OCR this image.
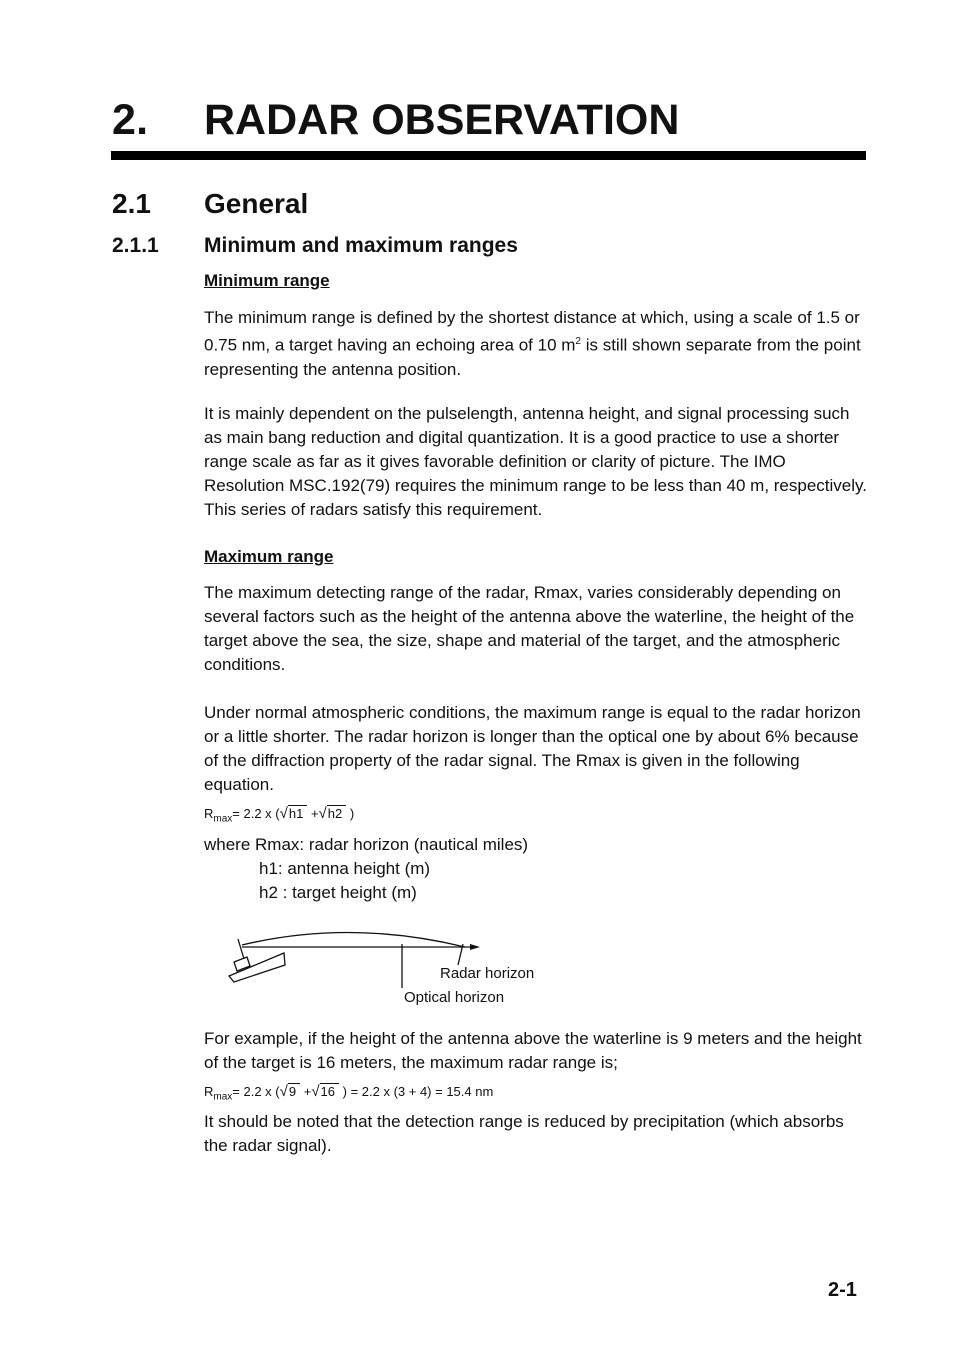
2. RADAR OBSERVATION
2.1 General
2.1.1 Minimum and maximum ranges
Minimum range
The minimum range is defined by the shortest distance at which, using a scale of 1.5 or 0.75 nm, a target having an echoing area of 10 $m^2$ is still shown separate from the point representing the antenna position.
It is mainly dependent on the pulselength, antenna height, and signal processing such as main bang reduction and digital quantization. It is a good practice to use a shorter range scale as far as it gives favorable definition or clarity of picture. The IMO Resolution MSC.192(79) requires the minimum range to be less than 40 m, respectively. This series of radars satisfy this requirement.
Maximum range
The maximum detecting range of the radar, Rmax, varies considerably depending on several factors such as the height of the antenna above the waterline, the height of the target above the sea, the size, shape and material of the target, and the atmospheric conditions.
Under normal atmospheric conditions, the maximum range is equal to the radar horizon or a little shorter. The radar horizon is longer than the optical one by about 6% because of the diffraction property of the radar signal. The Rmax is given in the following equation.
$R_{max}= 2.2$ x (√h1 +√h2 )
where Rmax: radar horizon (nautical miles)
h1: antenna height (m)
h2 : target height (m)
Radar horizon
Optical horizon
For example, if the height of the antenna above the waterline is 9 meters and the height of the target is 16 meters, the maximum radar range is;
$R_{max}= 2.2$ x (√9 +√16 ) = 2.2 x (3 + 4) = 15.4 nm
It should be noted that the detection range is reduced by precipitation (which absorbs the radar signal).
2-1
